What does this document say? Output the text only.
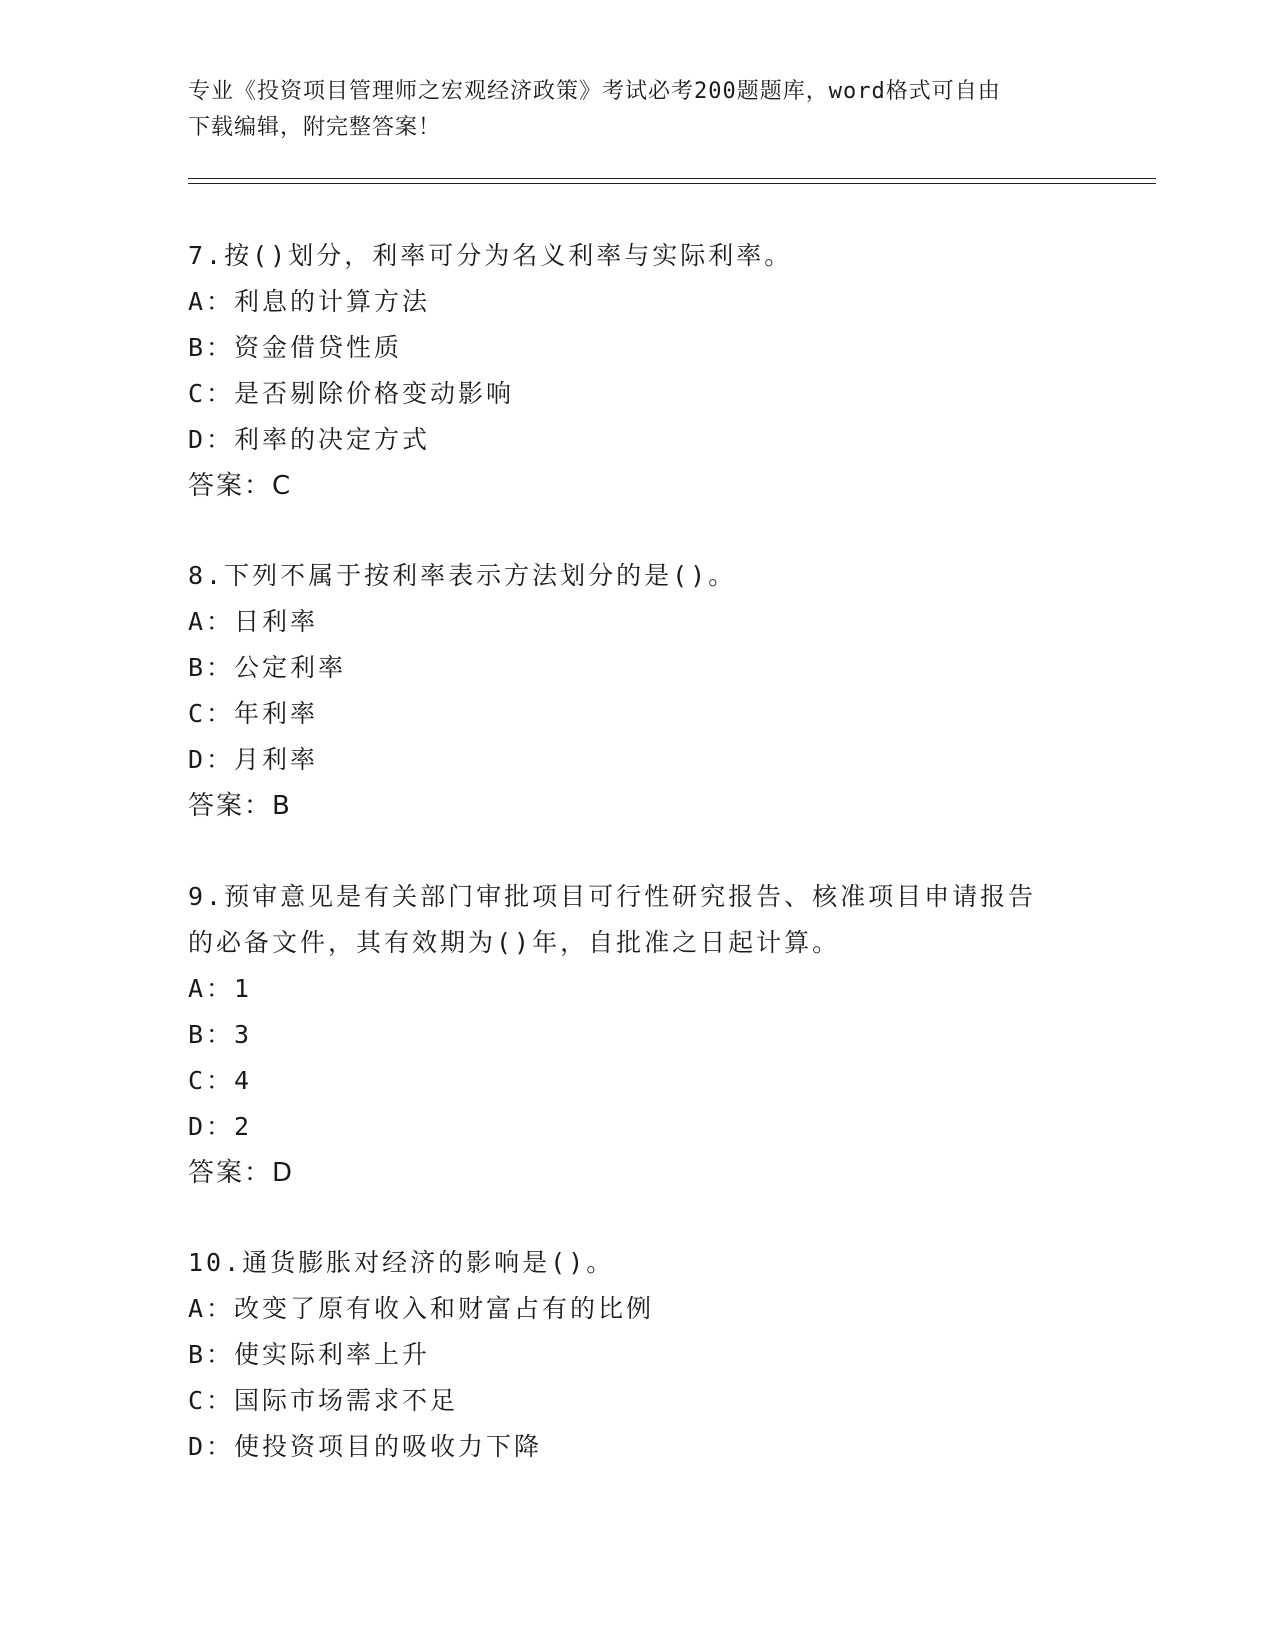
专业《投资项目管理师之宏观经济政策》考试必考200题题库，word格式可自由
下载编辑，附完整答案！

7.按()划分，利率可分为名义利率与实际利率。

A：利息的计算方法

B：资金借贷性质

C：是否剔除价格变动影响

D：利率的决定方式

答案：C

8.下列不属于按利率表示方法划分的是()。

A：日利率

B：公定利率

C：年利率

D：月利率

答案：B

9.预审意见是有关部门审批项目可行性研究报告、核准项目申请报告

的必备文件，其有效期为()年，自批准之日起计算。

A：1

B：3

C：4

D：2

答案：D

10.通货膨胀对经济的影响是()。

A：改变了原有收入和财富占有的比例

B：使实际利率上升

C：国际市场需求不足

D：使投资项目的吸收力下降
